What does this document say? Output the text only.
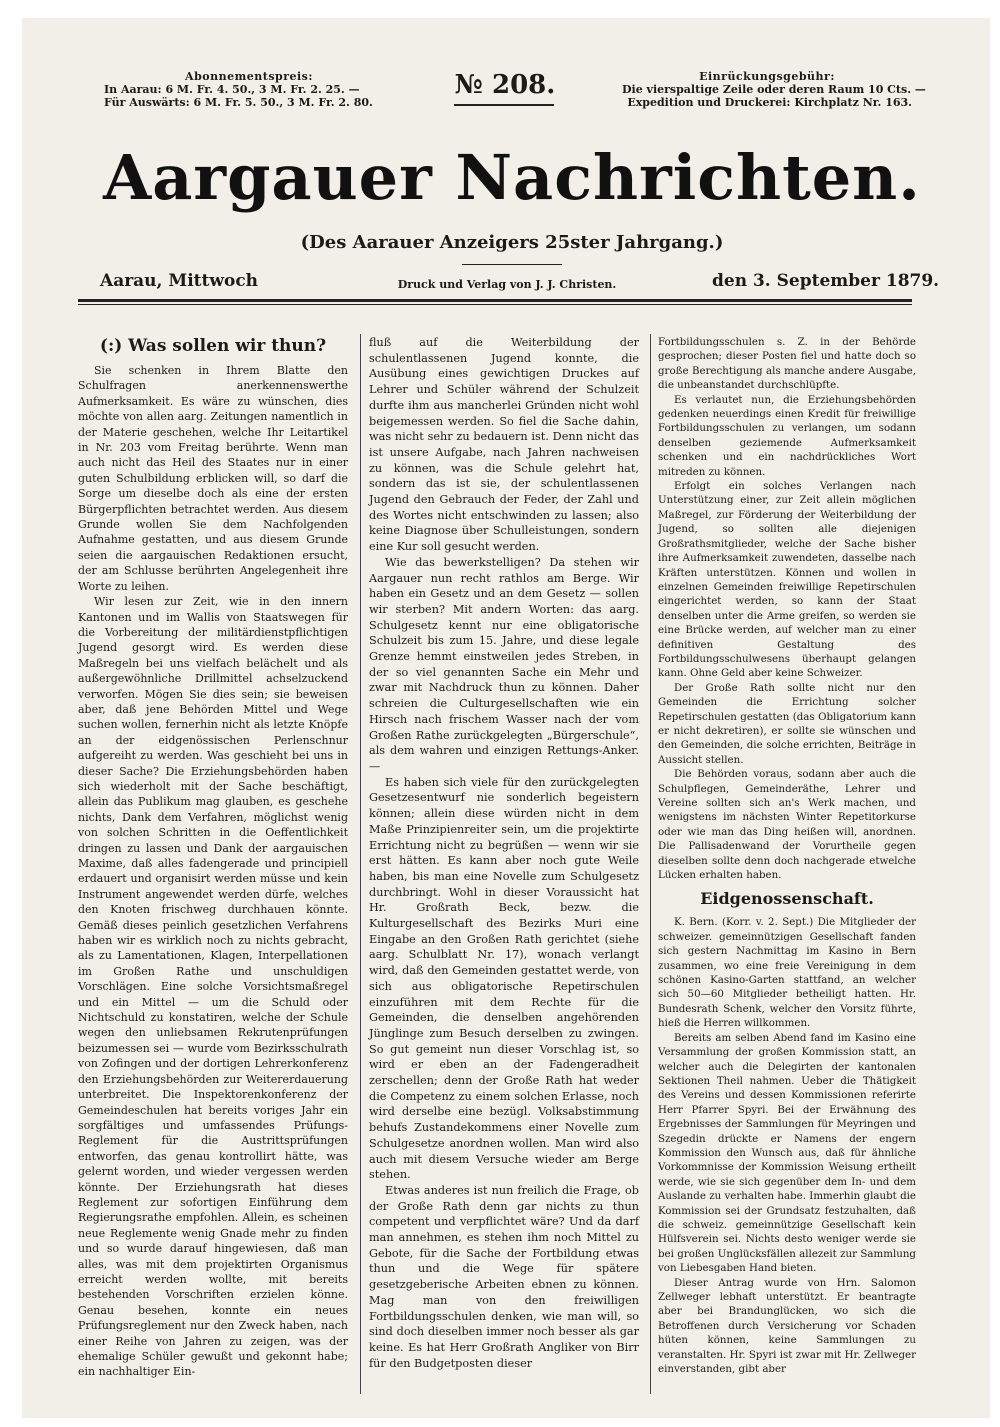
Abonnementspreis:
In Aarau: 6 M. Fr. 4. 50., 3 M. Fr. 2. 25. —
Für Auswärts: 6 M. Fr. 5. 50., 3 M. Fr. 2. 80.
№ 208.	Einrückungsgebühr:
Die vierspaltige Zeile oder deren Raum 10 Cts. —
Expedition und Druckerei: Kirchplatz Nr. 163.
Aargauer Nachrichten.
(Des Aarauer Anzeigers 25ster Jahrgang.)
Aarau, Mittwoch	Druck und Verlag von J. J. Christen.	den 3. September 1879.
(:) Was sollen wir thun?

Sie schenken in Ihrem Blatte den Schulfragen anerkennenswerthe Aufmerksamkeit. Es wäre zu wünschen, dies möchte von allen aarg. Zeitungen namentlich in der Materie geschehen, welche Ihr Leitartikel in Nr. 203 vom Freitag berührte. Wenn man auch nicht das Heil des Staates nur in einer guten Schulbildung erblicken will, so darf die Sorge um dieselbe doch als eine der ersten Bürgerpflichten betrachtet werden. Aus diesem Grunde wollen Sie dem Nachfolgenden Aufnahme gestatten, und aus diesem Grunde seien die aargauischen Redaktionen ersucht, der am Schlusse berührten Angelegenheit ihre Worte zu leihen.

Wir lesen zur Zeit, wie in den innern Kantonen und im Wallis von Staatswegen für die Vorbereitung der militärdienstpflichtigen Jugend gesorgt wird. Es werden diese Maßregeln bei uns vielfach belächelt und als außergewöhnliche Drillmittel achselzuckend verworfen. Mögen Sie dies sein; sie beweisen aber, daß jene Behörden Mittel und Wege suchen wollen, fernerhin nicht als letzte Knöpfe an der eidgenössischen Perlenschnur aufgereiht zu werden. Was geschieht bei uns in dieser Sache? Die Erziehungsbehörden haben sich wiederholt mit der Sache beschäftigt, allein das Publikum mag glauben, es geschehe nichts, Dank dem Verfahren, möglichst wenig von solchen Schritten in die Oeffentlichkeit dringen zu lassen und Dank der aargauischen Maxime, daß alles fadengerade und principiell erdauert und organisirt werden müsse und kein Instrument angewendet werden dürfe, welches den Knoten frischweg durchhauen könnte. Gemäß dieses peinlich gesetzlichen Verfahrens haben wir es wirklich noch zu nichts gebracht, als zu Lamentationen, Klagen, Interpellationen im Großen Rathe und unschuldigen Vorschlägen. Eine solche Vorsichtsmaßregel und ein Mittel — um die Schuld oder Nichtschuld zu konstatiren, welche der Schule wegen den unliebsamen Rekrutenprüfungen beizumessen sei — wurde vom Bezirksschulrath von Zofingen und der dortigen Lehrerkonferenz den Erziehungsbehörden zur Weitererdauerung unterbreitet. Die Inspektorenkonferenz der Gemeindeschulen hat bereits voriges Jahr ein sorgfältiges und umfassendes Prüfungs-Reglement für die Austrittsprüfungen entworfen, das genau kontrollirt hätte, was gelernt worden, und wieder vergessen werden könnte. Der Erziehungsrath hat dieses Reglement zur sofortigen Einführung dem Regierungsrathe empfohlen. Allein, es scheinen neue Reglemente wenig Gnade mehr zu finden und so wurde darauf hingewiesen, daß man alles, was mit dem projektirten Organismus erreicht werden wollte, mit bereits bestehenden Vorschriften erzielen könne. Genau besehen, konnte ein neues Prüfungsreglement nur den Zweck haben, nach einer Reihe von Jahren zu zeigen, was der ehemalige Schüler gewußt und gekonnt habe; ein nachhaltiger Ein-

fluß auf die Weiterbildung der schulentlassenen Jugend konnte, die Ausübung eines gewichtigen Druckes auf Lehrer und Schüler während der Schulzeit durfte ihm aus mancherlei Gründen nicht wohl beigemessen werden. So fiel die Sache dahin, was nicht sehr zu bedauern ist. Denn nicht das ist unsere Aufgabe, nach Jahren nachweisen zu können, was die Schule gelehrt hat, sondern das ist sie, der schulentlassenen Jugend den Gebrauch der Feder, der Zahl und des Wortes nicht entschwinden zu lassen; also keine Diagnose über Schulleistungen, sondern eine Kur soll gesucht werden.

Wie das bewerkstelligen? Da stehen wir Aargauer nun recht rathlos am Berge. Wir haben ein Gesetz und an dem Gesetz — sollen wir sterben? Mit andern Worten: das aarg. Schulgesetz kennt nur eine obligatorische Schulzeit bis zum 15. Jahre, und diese legale Grenze hemmt einstweilen jedes Streben, in der so viel genannten Sache ein Mehr und zwar mit Nachdruck thun zu können. Daher schreien die Culturgesellschaften wie ein Hirsch nach frischem Wasser nach der vom Großen Rathe zurückgelegten „Bürgerschule“, als dem wahren und einzigen Rettungs-Anker. —

Es haben sich viele für den zurückgelegten Gesetzesentwurf nie sonderlich begeistern können; allein diese würden nicht in dem Maße Prinzipienreiter sein, um die projektirte Errichtung nicht zu begrüßen — wenn wir sie erst hätten. Es kann aber noch gute Weile haben, bis man eine Novelle zum Schulgesetz durchbringt. Wohl in dieser Voraussicht hat Hr. Großrath Beck, bezw. die Kulturgesellschaft des Bezirks Muri eine Eingabe an den Großen Rath gerichtet (siehe aarg. Schulblatt Nr. 17), wonach verlangt wird, daß den Gemeinden gestattet werde, von sich aus obligatorische Repetirschulen einzuführen mit dem Rechte für die Gemeinden, die denselben angehörenden Jünglinge zum Besuch derselben zu zwingen. So gut gemeint nun dieser Vorschlag ist, so wird er eben an der Fadengeradheit zerschellen; denn der Große Rath hat weder die Competenz zu einem solchen Erlasse, noch wird derselbe eine bezügl. Volksabstimmung behufs Zustandekommens einer Novelle zum Schulgesetze anordnen wollen. Man wird also auch mit diesem Versuche wieder am Berge stehen.

Etwas anderes ist nun freilich die Frage, ob der Große Rath denn gar nichts zu thun competent und verpflichtet wäre? Und da darf man annehmen, es stehen ihm noch Mittel zu Gebote, für die Sache der Fortbildung etwas thun und die Wege für spätere gesetzgeberische Arbeiten ebnen zu können. Mag man von den freiwilligen Fortbildungsschulen denken, wie man will, so sind doch dieselben immer noch besser als gar keine. Es hat Herr Großrath Angliker von Birr für den Budgetposten dieser

Fortbildungsschulen s. Z. in der Behörde gesprochen; dieser Posten fiel und hatte doch so große Berechtigung als manche andere Ausgabe, die unbeanstandet durchschlüpfte.

Es verlautet nun, die Erziehungsbehörden gedenken neuerdings einen Kredit für freiwillige Fortbildungsschulen zu verlangen, um sodann denselben geziemende Aufmerksamkeit schenken und ein nachdrückliches Wort mitreden zu können.

Erfolgt ein solches Verlangen nach Unterstützung einer, zur Zeit allein möglichen Maßregel, zur Förderung der Weiterbildung der Jugend, so sollten alle diejenigen Großrathsmitglieder, welche der Sache bisher ihre Aufmerksamkeit zuwendeten, dasselbe nach Kräften unterstützen. Können und wollen in einzelnen Gemeinden freiwillige Repetirschulen eingerichtet werden, so kann der Staat denselben unter die Arme greifen, so werden sie eine Brücke werden, auf welcher man zu einer definitiven Gestaltung des Fortbildungsschulwesens überhaupt gelangen kann. Ohne Geld aber keine Schweizer.

Der Große Rath sollte nicht nur den Gemeinden die Errichtung solcher Repetirschulen gestatten (das Obligatorium kann er nicht dekretiren), er sollte sie wünschen und den Gemeinden, die solche errichten, Beiträge in Aussicht stellen.

Die Behörden voraus, sodann aber auch die Schulpflegen, Gemeinderäthe, Lehrer und Vereine sollten sich an's Werk machen, und wenigstens im nächsten Winter Repetitorkurse oder wie man das Ding heißen will, anordnen. Die Pallisadenwand der Vorurtheile gegen dieselben sollte denn doch nachgerade etwelche Lücken erhalten haben.

Eidgenossenschaft.

K. Bern. (Korr. v. 2. Sept.) Die Mitglieder der schweizer. gemeinnützigen Gesellschaft fanden sich gestern Nachmittag im Kasino in Bern zusammen, wo eine freie Vereinigung in dem schönen Kasino-Garten stattfand, an welcher sich 50—60 Mitglieder betheiligt hatten. Hr. Bundesrath Schenk, welcher den Vorsitz führte, hieß die Herren willkommen.

Bereits am selben Abend fand im Kasino eine Versammlung der großen Kommission statt, an welcher auch die Delegirten der kantonalen Sektionen Theil nahmen. Ueber die Thätigkeit des Vereins und dessen Kommissionen referirte Herr Pfarrer Spyri. Bei der Erwähnung des Ergebnisses der Sammlungen für Meyringen und Szegedin drückte er Namens der engern Kommission den Wunsch aus, daß für ähnliche Vorkommnisse der Kommission Weisung ertheilt werde, wie sie sich gegenüber dem In- und dem Auslande zu verhalten habe. Immerhin glaubt die Kommission sei der Grundsatz festzuhalten, daß die schweiz. gemeinnützige Gesellschaft kein Hülfsverein sei. Nichts desto weniger werde sie bei großen Unglücksfällen allezeit zur Sammlung von Liebesgaben Hand bieten.

Dieser Antrag wurde von Hrn. Salomon Zellweger lebhaft unterstützt. Er beantragte aber bei Brandunglücken, wo sich die Betroffenen durch Versicherung vor Schaden hüten können, keine Sammlungen zu veranstalten. Hr. Spyri ist zwar mit Hr. Zellweger einverstanden, gibt aber
